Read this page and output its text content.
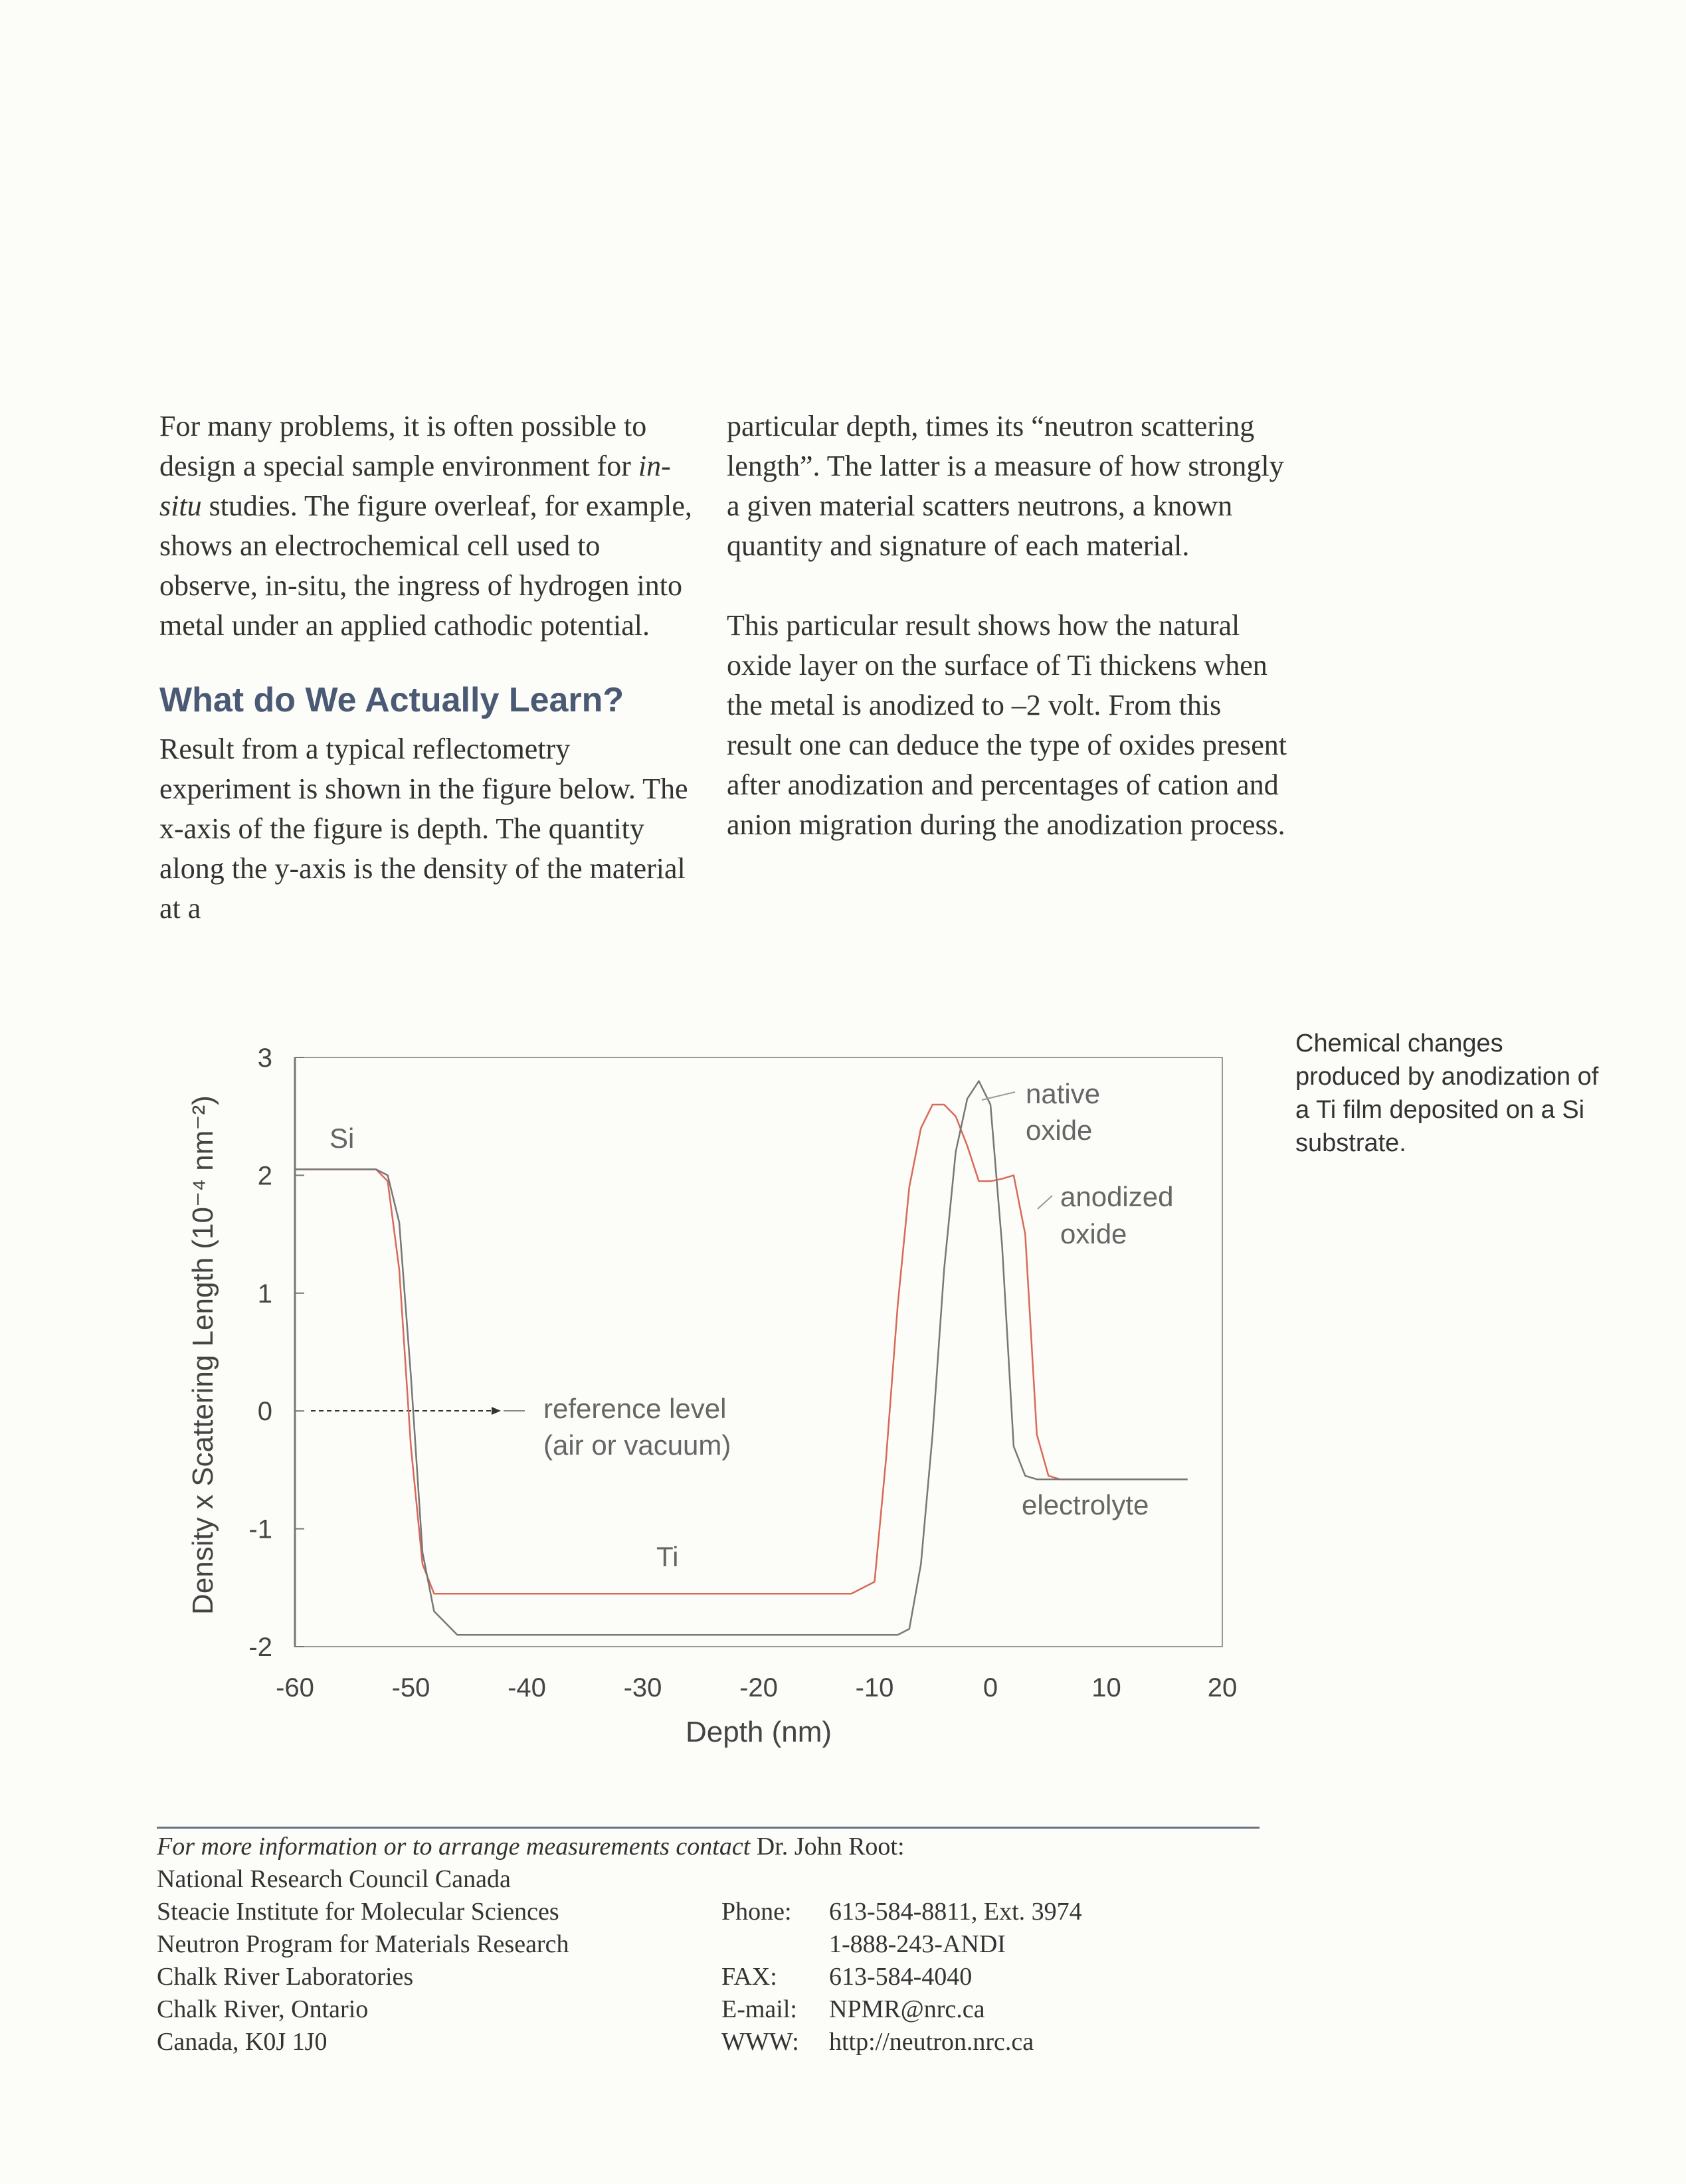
For many problems, it is often possible to design a special sample environment for in-situ studies. The figure overleaf, for example, shows an electrochemical cell used to observe, in-situ, the ingress of hydrogen into metal under an applied cathodic potential.

What do We Actually Learn?

Result from a typical reflectometry experiment is shown in the figure below. The x-axis of the figure is depth. The quantity along the y-axis is the density of the material at a

particular depth, times its “neutron scattering length”. The latter is a measure of how strongly a given material scatters neutrons, a known quantity and signature of each material.

This particular result shows how the natural oxide layer on the surface of Ti thickens when the metal is anodized to –2 volt. From this result one can deduce the type of oxides present after anodization and percentages of cation and anion migration during the anodization process.

-2
-1
0
1
2
3
-60	-50	-40	-30	-20	-10	0	10	20
native
oxide
anodized
oxide
Si
Ti
reference level
(air or vacuum)
electrolyte
Depth (nm)
Density x Scattering Length (10⁻⁴ nm⁻²)
Chemical changes produced by anodization of a Ti film deposited on a Si substrate.
For more information or to arrange measurements contact Dr. John Root:
National Research Council Canada
Steacie Institute for Molecular Sciences
Neutron Program for Materials Research
Chalk River Laboratories
Chalk River, Ontario
Canada, K0J 1J0
Phone:	613-584-8811, Ext. 3974
1-888-243-ANDI
FAX:	613-584-4040
E-mail:	NPMR@nrc.ca
WWW:	http://neutron.nrc.ca
